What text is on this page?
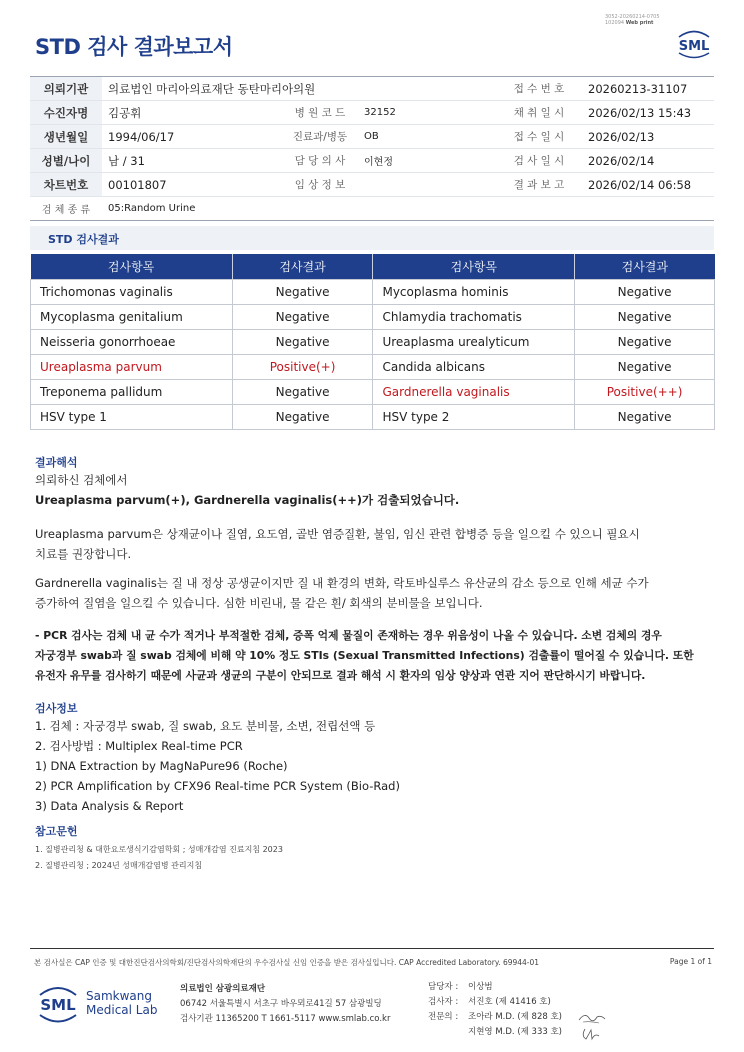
3052-20260214-0705
102094 Web print
STD 검사 결과보고서	SML
의뢰기관	의료법인 마리아의료재단 동탄마리아의원			접 수 번 호	20260213-31107
수진자명	김공휘	병 원 코 드	32152	채 취 일 시	2026/02/13 15:43
생년월일	1994/06/17	진료과/병동	OB	접 수 일 시	2026/02/13
성별/나이	남 / 31	담 당 의 사	이현정	검 사 일 시	2026/02/14
차트번호	00101807	임 상 정 보		결 과 보 고	2026/02/14 06:58
검 체 종 류	05:Random Urine				
STD 검사결과
검사항목	검사결과	검사항목	검사결과
Trichomonas vaginalis	Negative	Mycoplasma hominis	Negative
Mycoplasma genitalium	Negative	Chlamydia trachomatis	Negative
Neisseria gonorrhoeae	Negative	Ureaplasma urealyticum	Negative
Ureaplasma parvum	Positive(+)	Candida albicans	Negative
Treponema pallidum	Negative	Gardnerella vaginalis	Positive(++)
HSV type 1	Negative	HSV type 2	Negative
결과해석
의뢰하신 검체에서
Ureaplasma parvum(+), Gardnerella vaginalis(++)가 검출되었습니다.
Ureaplasma parvum은 상재균이나 질염, 요도염, 골반 염증질환, 불임, 임신 관련 합병증 등을 일으킬 수 있으니 필요시
치료를 권장합니다.
Gardnerella vaginalis는 질 내 정상 공생균이지만 질 내 환경의 변화, 락토바실루스 유산균의 감소 등으로 인해 세균 수가
증가하여 질염을 일으킬 수 있습니다. 심한 비린내, 물 같은 흰/ 회색의 분비물을 보입니다.
- PCR 검사는 검체 내 균 수가 적거나 부적절한 검체, 증폭 억제 물질이 존재하는 경우 위음성이 나올 수 있습니다. 소변 검체의 경우
자궁경부 swab과 질 swab 검체에 비해 약 10% 정도 STIs (Sexual Transmitted Infections) 검출률이 떨어질 수 있습니다. 또한
유전자 유무를 검사하기 때문에 사균과 생균의 구분이 안되므로 결과 해석 시 환자의 임상 양상과 연관 지어 판단하시기 바랍니다.
검사정보
1. 검체 : 자궁경부 swab, 질 swab, 요도 분비물, 소변, 전립선액 등
2. 검사방법 : Multiplex Real-time PCR
1) DNA Extraction by MagNaPure96 (Roche)
2) PCR Amplification by CFX96 Real-time PCR System (Bio-Rad)
3) Data Analysis & Report
참고문헌
1. 질병관리청 & 대한요로생식기감염학회 ; 성매개감염 진료지침 2023
2. 질병관리청 ; 2024년 성매개감염병 관리지침
본 검사실은 CAP 인증 및 대한진단검사의학회/진단검사의학재단의 우수검사실 신임 인증을 받은 검사실입니다. CAP Accredited Laboratory. 69944-01	Page 1 of 1
SML Samkwang
Medical Lab
의료법인 삼광의료재단
06742 서울특별시 서초구 바우뫼로41길 57 삼광빌딩
검사기관 11365200 T 1661-5117 www.smlab.co.kr
담당자 : 이상범
검사자 : 서진호 (제 41416 호)
전문의 : 조아라 M.D. (제 828 호)
지현영 M.D. (제 333 호)
